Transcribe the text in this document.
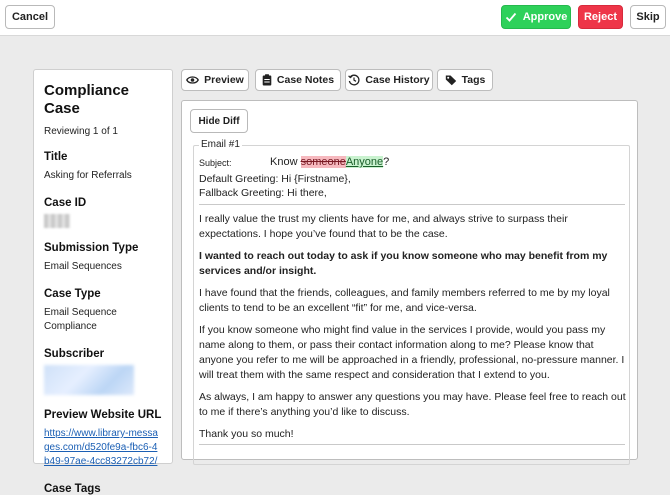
Cancel	Approve	Reject	Skip
Compliance Case
Reviewing 1 of 1
Title
Asking for Referrals
Case ID
Submission Type
Email Sequences
Case Type
Email Sequence Compliance
Subscriber
Preview Website URL
https://www.library-messages.com/d520fe9a-fbc6-4b49-97ae-4cc83272cb72/
Case Tags
Preview	Case Notes	Case History	Tags
Hide Diff
Email #1
Subject:	Know someoneAnyone?
Default Greeting: Hi {Firstname},
Fallback Greeting: Hi there,

I really value the trust my clients have for me, and always strive to surpass their expectations. I hope you’ve found that to be the case.

I wanted to reach out today to ask if you know someone who may benefit from my services and/or insight.

I have found that the friends, colleagues, and family members referred to me by my loyal clients to tend to be an excellent “fit” for me, and vice-versa.

If you know someone who might find value in the services I provide, would you pass my name along to them, or pass their contact information along to me? Please know that anyone you refer to me will be approached in a friendly, professional, no-pressure manner. I will treat them with the same respect and consideration that I extend to you.

As always, I am happy to answer any questions you may have. Please feel free to reach out to me if there’s anything you’d like to discuss.

Thank you so much!
